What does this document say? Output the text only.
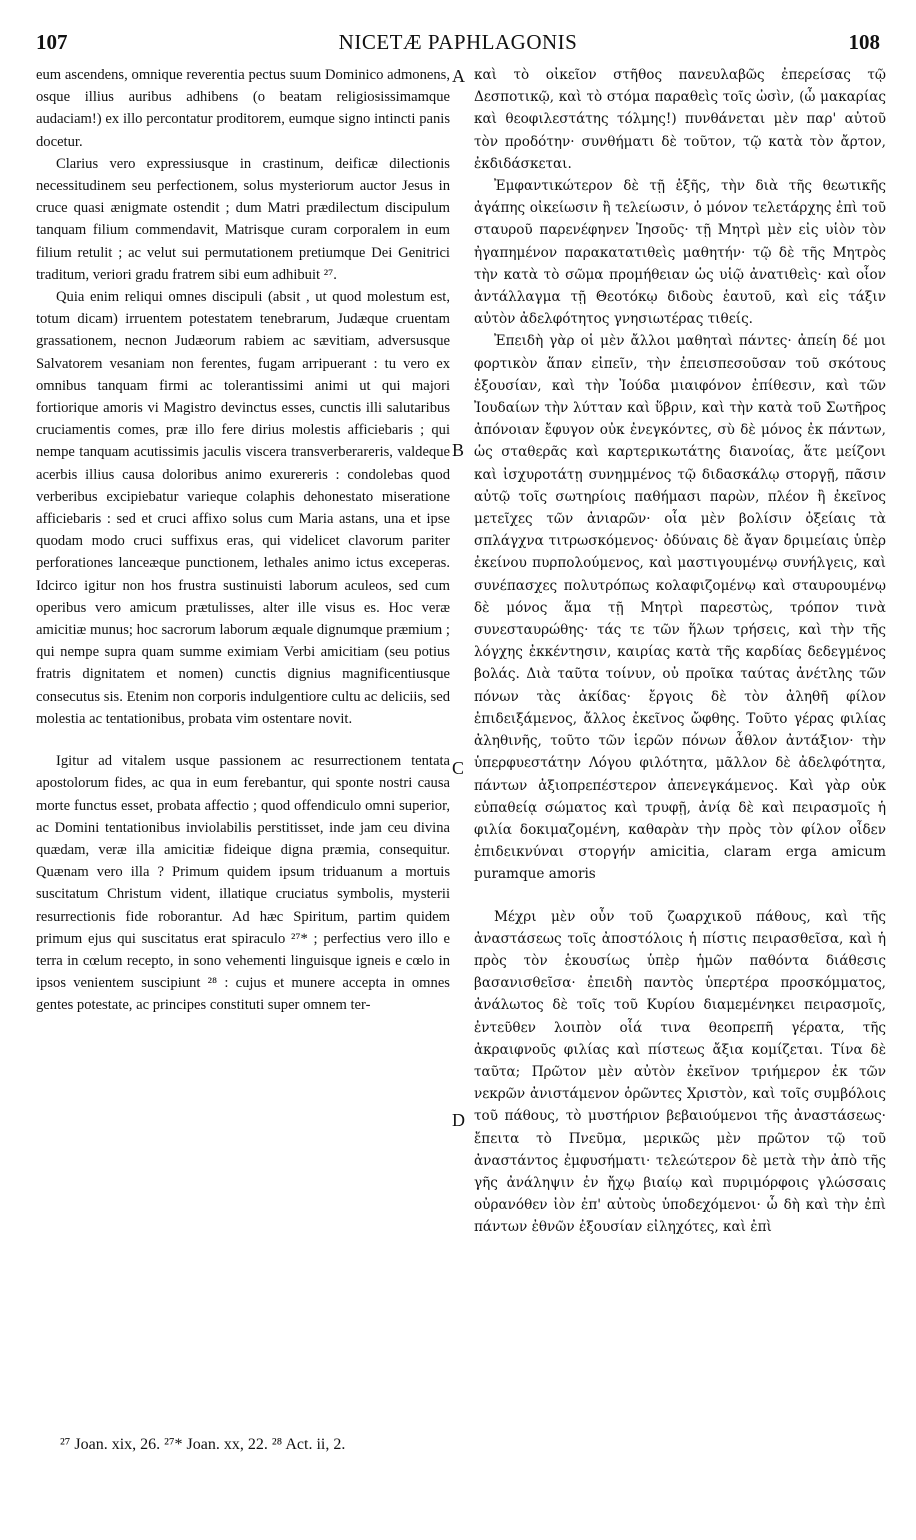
107	NICETÆ PAPHLAGONIS	108

eum ascendens, omnique reverentia pectus suum Dominico admonens, osque illius auribus adhibens (o beatam religiosissimamque audaciam!) ex illo percontatur proditorem, eumque signo intincti panis docetur.

Clarius vero expressiusque in crastinum, deificæ dilectionis necessitudinem seu perfectionem, solus mysteriorum auctor Jesus in cruce quasi ænigmate ostendit ; dum Matri prædilectum discipulum tanquam filium commendavit, Matrisque curam corporalem in eum filium retulit ; ac velut sui permutationem pretiumque Dei Genitrici traditum, veriori gradu fratrem sibi eum adhibuit ²⁷.

Quia enim reliqui omnes discipuli (absit , ut quod molestum est, totum dicam) irruentem potestatem tenebrarum, Judæque cruentam grassationem, necnon Judæorum rabiem ac sævitiam, adversusque Salvatorem vesaniam non ferentes, fugam arripuerant : tu vero ex omnibus tanquam firmi ac tolerantissimi animi ut qui majori fortiorique amoris vi Magistro devinctus esses, cunctis illi salutaribus cruciamentis comes, præ illo fere dirius molestis afficiebaris ; qui nempe tanquam acutissimis jaculis viscera transverberareris, valdeque acerbis illius causa doloribus animo exurereris : condolebas quod verberibus excipiebatur varieque colaphis dehonestato miseratione afficiebaris : sed et cruci affixo solus cum Maria astans, una et ipse quodam modo cruci suffixus eras, qui videlicet clavorum pariter perforationes lanceæque punctionem, lethales animo ictus exceperas. Idcirco igitur non hos frustra sustinuisti laborum aculeos, sed cum operibus vero amicum prætulisses, alter ille visus es. Hoc veræ amicitiæ munus; hoc sacrorum laborum æquale dignumque præmium ; qui nempe supra quam summe eximiam Verbi amicitiam (seu potius fratris dignitatem et nomen) cunctis dignius magnificentiusque consecutus sis. Etenim non corporis indulgentiore cultu ac deliciis, sed molestia ac tentationibus, probata vim ostentare novit.

Igitur ad vitalem usque passionem ac resurrectionem tentata apostolorum fides, ac qua in eum ferebantur, qui sponte nostri causa morte functus esset, probata affectio ; quod offendiculo omni superior, ac Domini tentationibus inviolabilis perstitisset, inde jam ceu divina quædam, veræ illa amicitiæ fideique digna præmia, consequitur. Quænam vero illa ? Primum quidem ipsum triduanum a mortuis suscitatum Christum vident, illatique cruciatus symbolis, mysterii resurrectionis fide roborantur. Ad hæc Spiritum, partim quidem primum ejus qui suscitatus erat spiraculo ²⁷* ; perfectius vero illo e terra in cœlum recepto, in sono vehementi linguisque igneis e cœlo in ipsos venientem suscipiunt ²⁸ : cujus et munere accepta in omnes gentes potestate, ac principes constituti super omnem ter-

A
B
C
D

καὶ τὸ οἰκεῖον στῆθος πανευλαβῶς ἐπερείσας τῷ Δεσποτικῷ, καὶ τὸ στόμα παραθεὶς τοῖς ὠσὶν, (ὦ μακαρίας καὶ θεοφιλεστάτης τόλμης!) πυνθάνεται μὲν παρ' αὐτοῦ τὸν προδότην· συνθήματι δὲ τοῦτον, τῷ κατὰ τὸν ἄρτον, ἐκδιδάσκεται.

Ἐμφαντικώτερον δὲ τῇ ἑξῆς, τὴν διὰ τῆς θεωτικῆς ἀγάπης οἰκείωσιν ἢ τελείωσιν, ὁ μόνον τελετάρχης ἐπὶ τοῦ σταυροῦ παρενέφηνεν Ἰησοῦς· τῇ Μητρὶ μὲν εἰς υἱὸν τὸν ἠγαπημένον παρακατατιθεὶς μαθητήν· τῷ δὲ τῆς Μητρὸς τὴν κατὰ τὸ σῶμα προμήθειαν ὡς υἱῷ ἀνατιθεὶς· καὶ οἷον ἀντάλλαγμα τῇ Θεοτόκῳ διδοὺς ἑαυτοῦ, καὶ εἰς τάξιν αὐτὸν ἀδελφότητος γνησιωτέρας τιθείς.

Ἐπειδὴ γὰρ οἱ μὲν ἄλλοι μαθηταὶ πάντες· ἀπείη δέ μοι φορτικὸν ἅπαν εἰπεῖν, τὴν ἐπεισπεσοῦσαν τοῦ σκότους ἐξουσίαν, καὶ τὴν Ἰούδα μιαιφόνον ἐπίθεσιν, καὶ τῶν Ἰουδαίων τὴν λύτταν καὶ ὕβριν, καὶ τὴν κατὰ τοῦ Σωτῆρος ἀπόνοιαν ἔφυγον οὐκ ἐνεγκόντες, σὺ δὲ μόνος ἐκ πάντων, ὡς σταθερᾶς καὶ καρτερικωτάτης διανοίας, ἅτε μείζονι καὶ ἰσχυροτάτῃ συνημμένος τῷ διδασκάλῳ στοργῇ, πᾶσιν αὐτῷ τοῖς σωτηρίοις παθήμασι παρὼν, πλέον ἢ ἐκεῖνος μετεῖχες τῶν ἀνιαρῶν· οἷα μὲν βολίσιν ὀξείαις τὰ σπλάγχνα τιτρωσκόμενος· ὀδύναις δὲ ἄγαν δριμείαις ὑπὲρ ἐκείνου πυρπολούμενος, καὶ μαστιγουμένῳ συνήλγεις, καὶ συνέπασχες πολυτρόπως κολαφιζομένῳ καὶ σταυρουμένῳ δὲ μόνος ἅμα τῇ Μητρὶ παρεστὼς, τρόπον τινὰ συνεσταυρώθης· τάς τε τῶν ἥλων τρήσεις, καὶ τὴν τῆς λόγχης ἐκκέντησιν, καιρίας κατὰ τῆς καρδίας δεδεγμένος βολάς. Διὰ ταῦτα τοίνυν, οὐ προῖκα ταύτας ἀνέτλης τῶν πόνων τὰς ἀκίδας· ἔργοις δὲ τὸν ἀληθῆ φίλον ἐπιδειξάμενος, ἄλλος ἐκεῖνος ὤφθης. Τοῦτο γέρας φιλίας ἀληθινῆς, τοῦτο τῶν ἱερῶν πόνων ἆθλον ἀντάξιον· τὴν ὑπερφυεστάτην Λόγου φιλότητα, μᾶλλον δὲ ἀδελφότητα, πάντων ἀξιοπρεπέστερον ἀπενεγκάμενος. Καὶ γὰρ οὐκ εὐπαθείᾳ σώματος καὶ τρυφῇ, ἀνίᾳ δὲ καὶ πειρασμοῖς ἡ φιλία δοκιμαζομένη, καθαρὰν τὴν πρὸς τὸν φίλον οἶδεν ἐπιδεικνύναι στοργήν amicitia, claram erga amicum puramque amoris

Μέχρι μὲν οὖν τοῦ ζωαρχικοῦ πάθους, καὶ τῆς ἀναστάσεως τοῖς ἀποστόλοις ἡ πίστις πειρασθεῖσα, καὶ ἡ πρὸς τὸν ἑκουσίως ὑπὲρ ἡμῶν παθόντα διάθεσις βασανισθεῖσα· ἐπειδὴ παντὸς ὑπερτέρα προσκόμματος, ἀνάλωτος δὲ τοῖς τοῦ Κυρίου διαμεμένηκει πειρασμοῖς, ἐντεῦθεν λοιπὸν οἷά τινα θεοπρεπῆ γέρατα, τῆς ἀκραιφνοῦς φιλίας καὶ πίστεως ἄξια κομίζεται. Τίνα δὲ ταῦτα; Πρῶτον μὲν αὐτὸν ἐκεῖνον τριήμερον ἐκ τῶν νεκρῶν ἀνιστάμενον ὁρῶντες Χριστὸν, καὶ τοῖς συμβόλοις τοῦ πάθους, τὸ μυστήριον βεβαιούμενοι τῆς ἀναστάσεως· ἔπειτα τὸ Πνεῦμα, μερικῶς μὲν πρῶτον τῷ τοῦ ἀναστάντος ἐμφυσήματι· τελεώτερον δὲ μετὰ τὴν ἀπὸ τῆς γῆς ἀνάληψιν ἐν ἤχῳ βιαίῳ καὶ πυριμόρφοις γλώσσαις οὐρανόθεν ἰὸν ἐπ' αὐτοὺς ὑποδεχόμενοι· ὧ δὴ καὶ τὴν ἐπὶ πάντων ἐθνῶν ἐξουσίαν εἰληχότες, καὶ ἐπὶ

²⁷ Joan. xix, 26. ²⁷* Joan. xx, 22. ²⁸ Act. ii, 2.
